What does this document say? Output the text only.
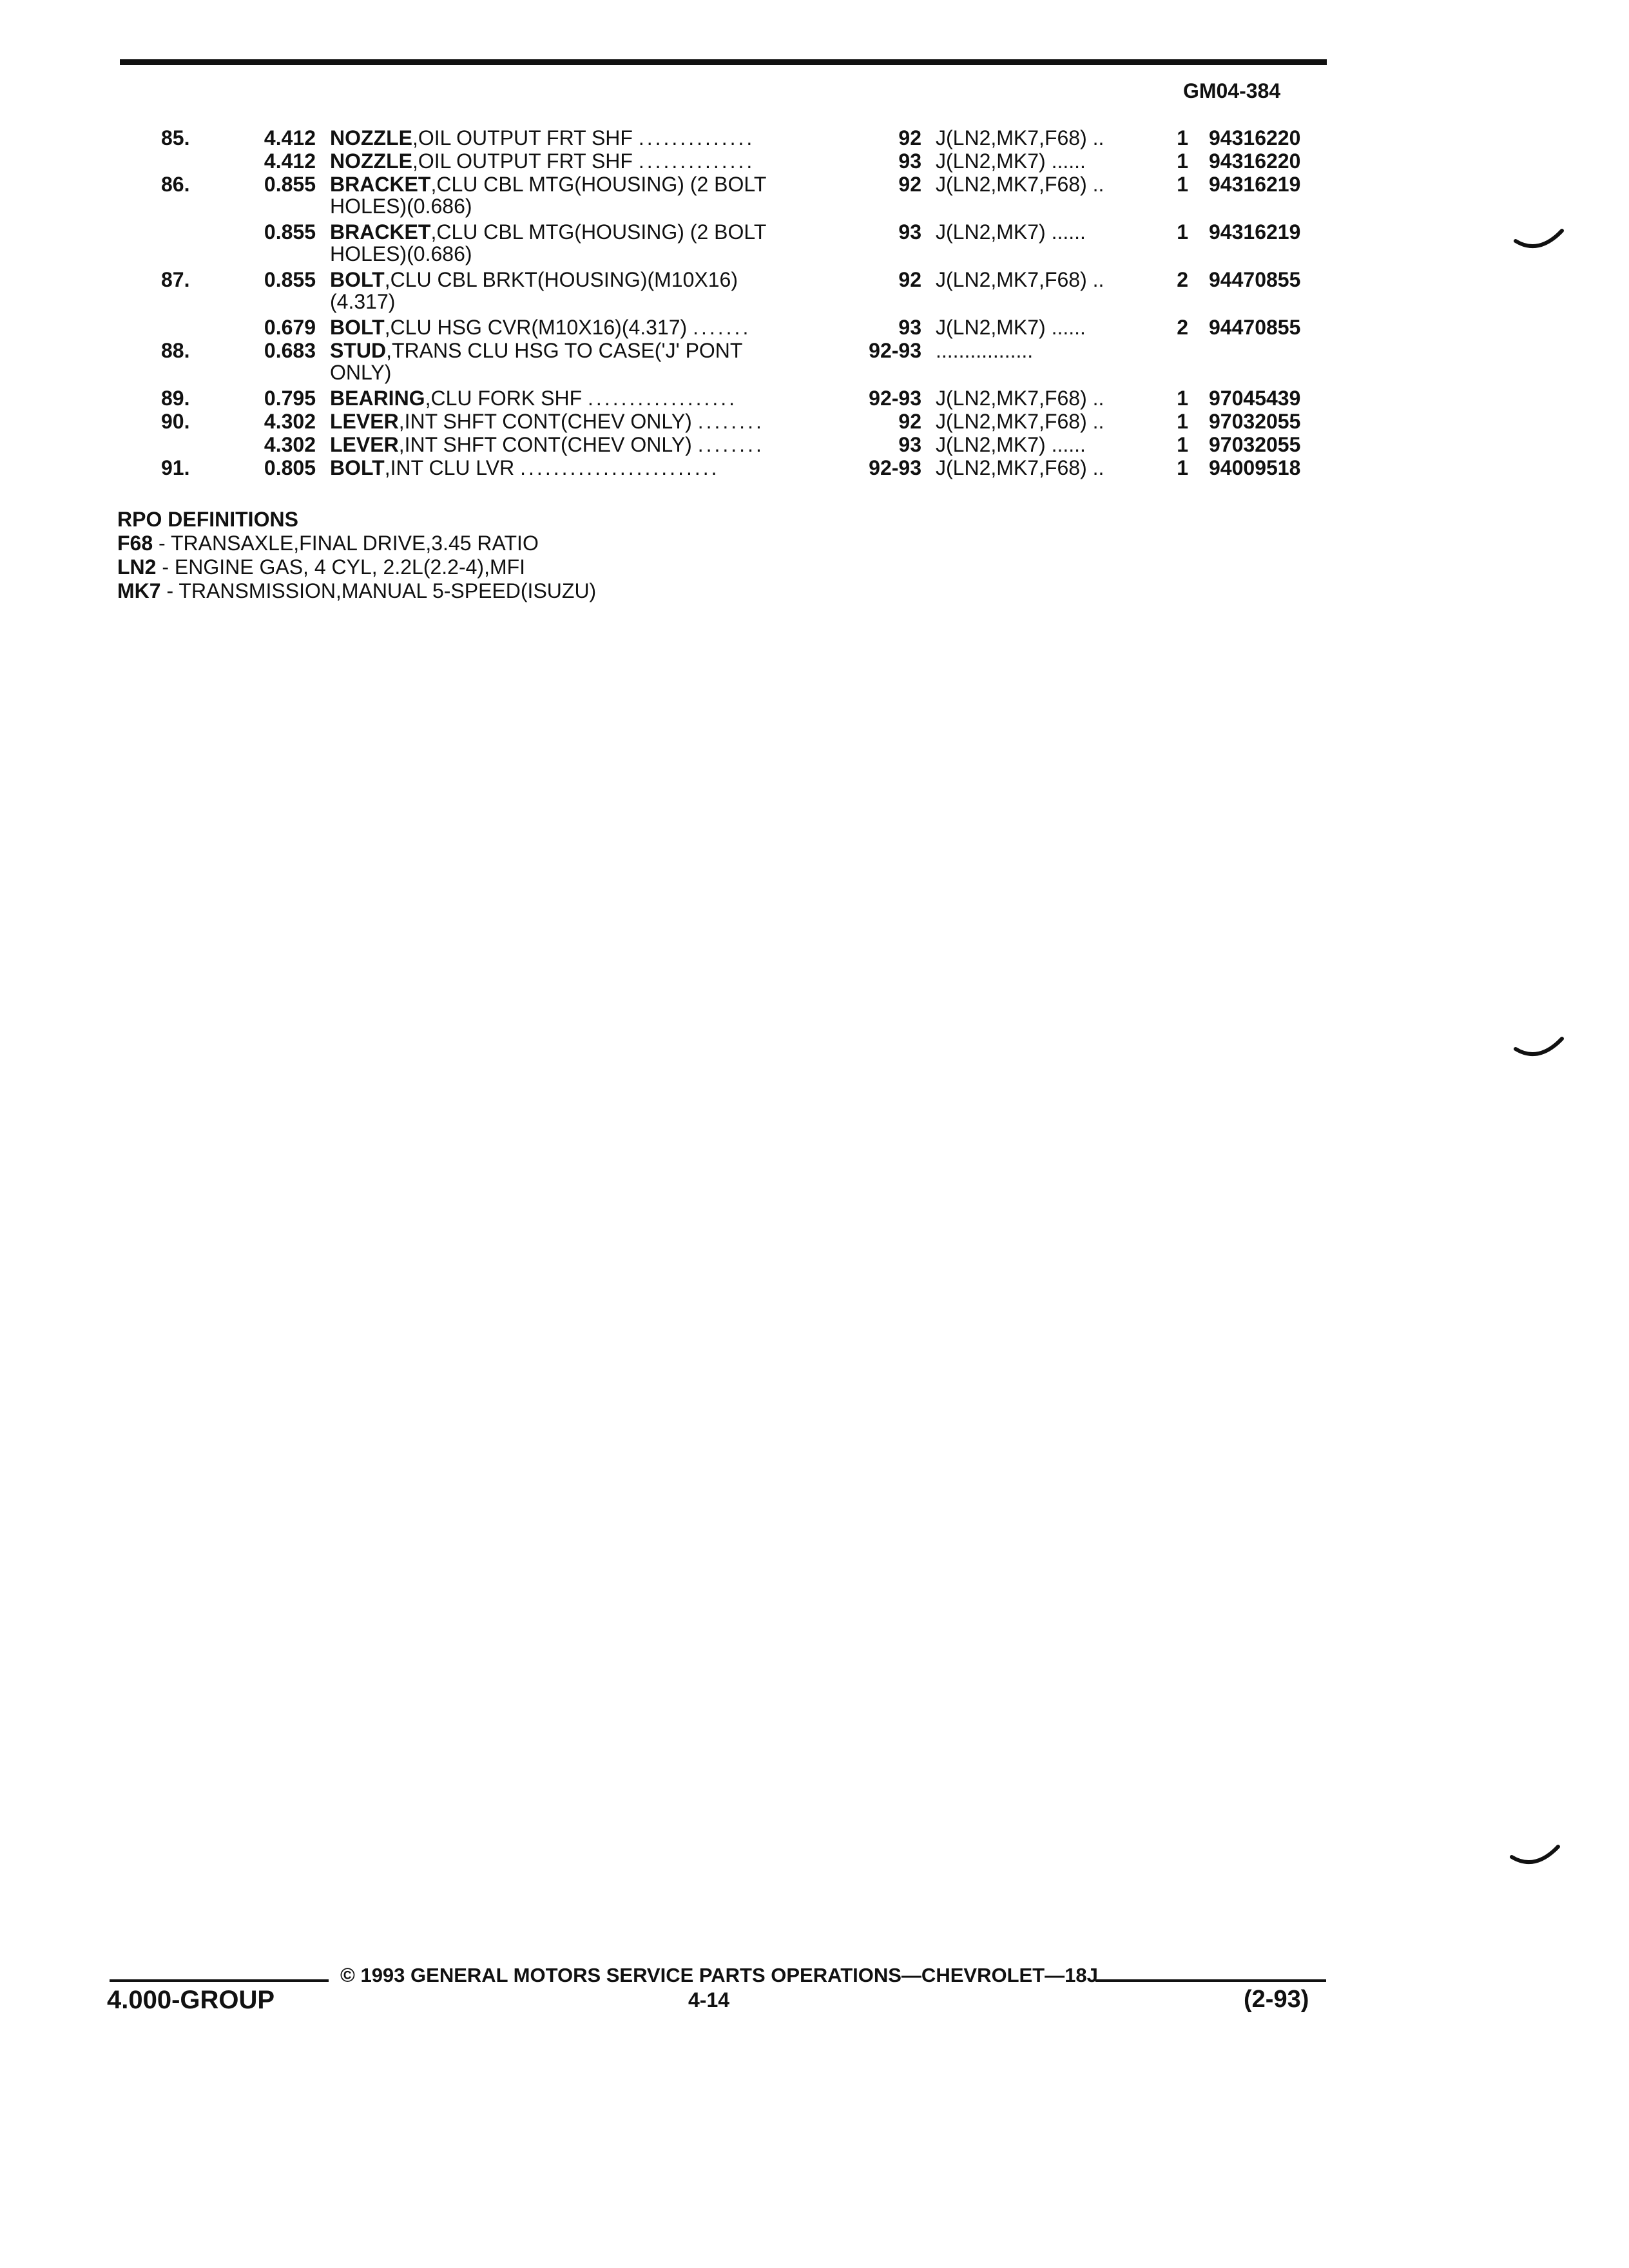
GM04-384
85.	4.412 NOZZLE,OIL OUTPUT FRT SHF ..............	92 J(LN2,MK7,F68) ..	1 94316220
4.412 NOZZLE,OIL OUTPUT FRT SHF ..............	93 J(LN2,MK7) ......	1 94316220
86.	0.855 BRACKET,CLU CBL MTG(HOUSING) (2 BOLT	92 J(LN2,MK7,F68) ..	1 94316219
HOLES)(0.686)
0.855 BRACKET,CLU CBL MTG(HOUSING) (2 BOLT	93 J(LN2,MK7) ......	1 94316219
HOLES)(0.686)
87.	0.855 BOLT,CLU CBL BRKT(HOUSING)(M10X16)	92 J(LN2,MK7,F68) ..	2 94470855
(4.317)
0.679 BOLT,CLU HSG CVR(M10X16)(4.317) .......	93 J(LN2,MK7) ......	2 94470855
88.	0.683 STUD,TRANS CLU HSG TO CASE('J' PONT	92-93 .................
ONLY)
89.	0.795 BEARING,CLU FORK SHF ..................	92-93 J(LN2,MK7,F68) ..	1 97045439
90.	4.302 LEVER,INT SHFT CONT(CHEV ONLY) ........	92 J(LN2,MK7,F68) ..	1 97032055
4.302 LEVER,INT SHFT CONT(CHEV ONLY) ........	93 J(LN2,MK7) ......	1 97032055
91.	0.805 BOLT,INT CLU LVR ........................	92-93 J(LN2,MK7,F68) ..	1 94009518
RPO DEFINITIONS
F68 - TRANSAXLE,FINAL DRIVE,3.45 RATIO
LN2 - ENGINE GAS, 4 CYL, 2.2L(2.2-4),MFI
MK7 - TRANSMISSION,MANUAL 5-SPEED(ISUZU)
© 1993 GENERAL MOTORS SERVICE PARTS OPERATIONS—CHEVROLET—18J
4.000-GROUP	4-14	(2-93)
